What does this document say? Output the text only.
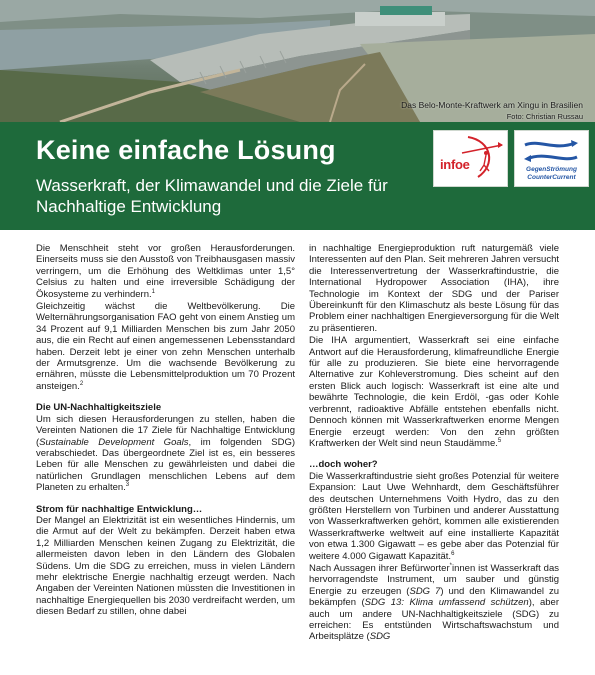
Das Belo-Monte-Kraftwerk am Xingu in Brasilien
Foto: Christian Russau
Keine einfache Lösung
Wasserkraft, der Klimawandel und die Ziele für Nachhaltige Entwicklung
infoe	GegenStrömung
CounterCurrent

Die Menschheit steht vor großen Herausforderungen. Einerseits muss sie den Ausstoß von Treibhausgasen massiv verringern, um die Erhöhung des Weltklimas unter 1,5° Celsius zu halten und eine irreversible Schädigung der Ökosysteme zu verhindern.$^1$

Gleichzeitig wächst die Weltbevölkerung. Die Welternährungsorganisation FAO geht von einem Anstieg um 34 Prozent auf 9,1 Milliarden Menschen bis zum Jahr 2050 aus, die ein Recht auf einen angemessenen Lebensstandard haben. Derzeit lebt je einer von zehn Menschen unterhalb der Armutsgrenze. Um die wachsende Bevölkerung zu ernähren, müsste die Lebensmittelproduktion um 70 Prozent ansteigen.$^2$

Die UN-Nachhaltigkeitsziele

Um sich diesen Herausforderungen zu stellen, haben die Vereinten Nationen die 17 Ziele für Nachhaltige Entwicklung (Sustainable Development Goals, im folgenden SDG) verabschiedet. Das übergeordnete Ziel ist es, ein besseres Leben für alle Menschen zu gewährleisten und dabei die natürlichen Grundlagen menschlichen Lebens auf dem Planeten zu erhalten.$^3$

Strom für nachhaltige Entwicklung…

Der Mangel an Elektrizität ist ein wesentliches Hindernis, um die Armut auf der Welt zu bekämpfen. Derzeit haben etwa 1,2 Milliarden Menschen keinen Zugang zu Elektrizität, die allermeisten davon leben in den Ländern des Globalen Südens. Um die SDG zu erreichen, muss in vielen Ländern mehr elektrische Energie nachhaltig erzeugt werden. Nach Angaben der Vereinten Nationen müssten die Investitionen in nachhaltige Energiequellen bis 2030 verdreifacht werden, um diesen Bedarf zu stillen, ohne dabei

in nachhaltige Energieproduktion ruft naturgemäß viele Interessenten auf den Plan. Seit mehreren Jahren versucht die Interessenvertretung der Wasserkraftindustrie, die International Hydropower Association (IHA), ihre Technologie im Kontext der SDG und der Pariser Übereinkunft für den Klimaschutz als beste Lösung für das Problem einer nachhaltigen Energieversorgung für die Welt zu präsentieren.

Die IHA argumentiert, Wasserkraft sei eine einfache Antwort auf die Herausforderung, klimafreundliche Energie für alle zu produzieren. Sie biete eine hervorragende Alternative zur Kohleverstromung. Dies scheint auf den ersten Blick auch logisch: Wasserkraft ist eine alte und bewährte Technologie, die kein Erdöl, -gas oder Kohle verbrennt, radioaktive Abfälle entstehen ebenfalls nicht. Dennoch können mit Wasserkraftwerken enorme Mengen Energie erzeugt werden: Von den zehn größten Kraftwerken der Welt sind neun Staudämme.$^5$

…doch woher?

Die Wasserkraftindustrie sieht großes Potenzial für weitere Expansion: Laut Uwe Wehnhardt, dem Geschäftsführer des deutschen Unternehmens Voith Hydro, das zu den größten Herstellern von Turbinen und anderer Ausstattung von Wasserkraftwerken gehört, kommen alle existierenden Wasserkraftwerke weltweit auf eine installierte Kapazität von etwa 1.300 Gigawatt – es gebe aber das Potenzial für weitere 4.000 Gigawatt Kapazität.$^6$

Nach Aussagen ihrer Befürworter*innen ist Wasserkraft das hervorragendste Instrument, um sauber und günstig Energie zu erzeugen (SDG 7) und den Klimawandel zu bekämpfen (SDG 13: Klima umfassend schützen), aber auch um andere UN-Nachhaltigkeitsziele (SDG) zu erreichen: Es entstünden Wirtschaftswachstum und Arbeitsplätze (SDG
